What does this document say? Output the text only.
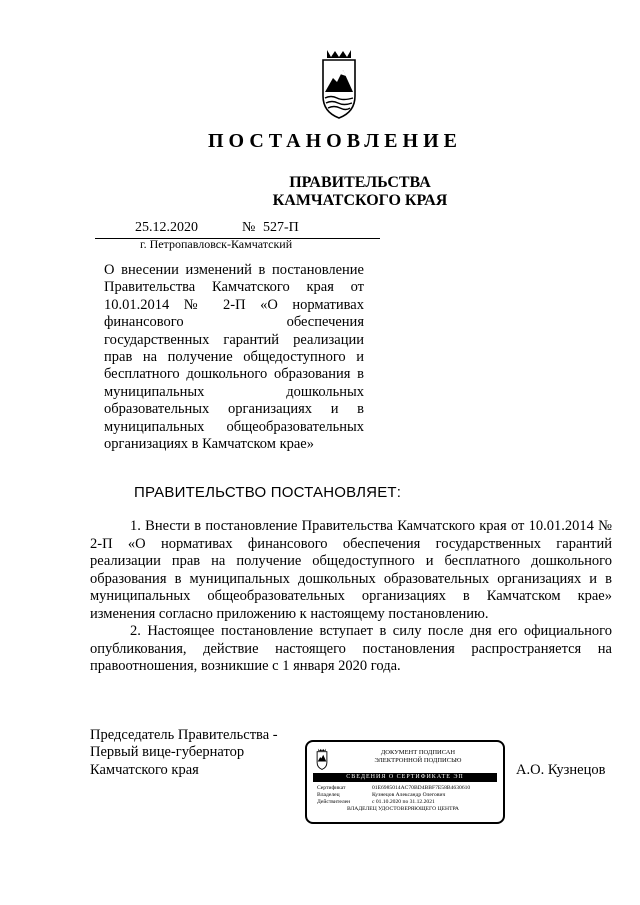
ПОСТАНОВЛЕНИЕ
ПРАВИТЕЛЬСТВА
КАМЧАТСКОГО КРАЯ
25.12.2020	№ 527-П
г. Петропавловск-Камчатский
О внесении изменений в постановление Правительства Камчатского края от 10.01.2014 № 2-П «О нормативах финансового обеспечения государственных гарантий реализации прав на получение общедоступного и бесплатного дошкольного образования в муниципальных дошкольных образовательных организациях и в муниципальных общеобразовательных организациях в Камчатском крае»
ПРАВИТЕЛЬСТВО ПОСТАНОВЛЯЕТ:
1. Внести в постановление Правительства Камчатского края от 10.01.2014 № 2-П «О нормативах финансового обеспечения государственных гарантий реализации прав на получение общедоступного и бесплатного дошкольного образования в муниципальных дошкольных образовательных организациях и в муниципальных общеобразовательных организациях в Камчатском крае» изменения согласно приложению к настоящему постановлению.
2. Настоящее постановление вступает в силу после дня его официального опубликования, действие настоящего постановления распространяется на правоотношения, возникшие с 1 января 2020 года.
Председатель Правительства -
Первый вице-губернатор
Камчатского края
ДОКУМЕНТ ПОДПИСАН
ЭЛЕКТРОННОЙ ПОДПИСЬЮ
СВЕДЕНИЯ О СЕРТИФИКАТЕ ЭП
Сертификат	01E6985014AC70BD4BBF7E58B4630610
Владелец	Кузнецов Александр Олегович
Действителен	с 01.10.2020 по 31.12.2021
ВЛАДЕЛЕЦ УДОСТОВЕРЯЮЩЕГО ЦЕНТРА
А.О. Кузнецов
